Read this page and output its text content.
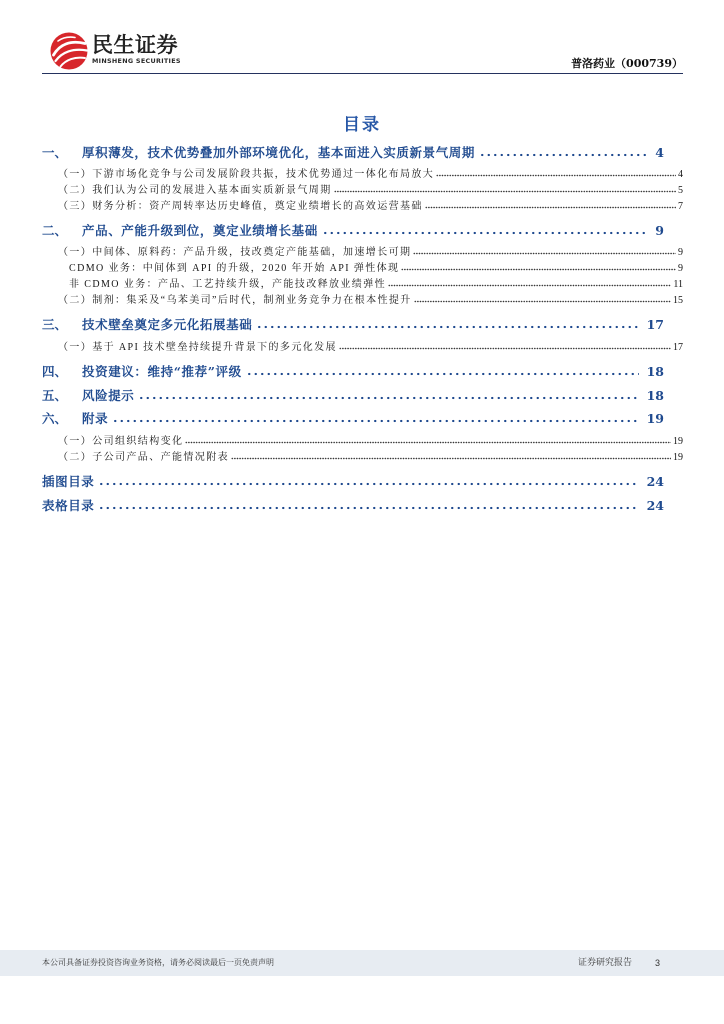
民生证券
MINSHENG SECURITIES	普洛药业（000739）
目录
一、	厚积薄发，技术优势叠加外部环境优化，基本面进入实质新景气周期	4
（一）下游市场化竞争与公司发展阶段共振，技术优势通过一体化布局放大	4
（二）我们认为公司的发展进入基本面实质新景气周期	5
（三）财务分析：资产周转率达历史峰值，奠定业绩增长的高效运营基础	7
二、	产品、产能升级到位，奠定业绩增长基础	9
（一）中间体、原料药：产品升级，技改奠定产能基础，加速增长可期	9
CDMO 业务：中间体到 API 的升级，2020 年开始 API 弹性体现	9
非 CDMO 业务：产品、工艺持续升级，产能技改释放业绩弹性	11
（二）制剂：集采及“乌苯美司”后时代，制剂业务竞争力在根本性提升	15
三、	技术壁垒奠定多元化拓展基础	17
（一）基于 API 技术壁垒持续提升背景下的多元化发展	17
四、	投资建议：维持“推荐”评级	18
五、	风险提示	18
六、	附录	19
（一）公司组织结构变化	19
（二）子公司产品、产能情况附表	19
插图目录	24
表格目录	24
本公司具备证券投资咨询业务资格，请务必阅读最后一页免责声明	证券研究报告	3
